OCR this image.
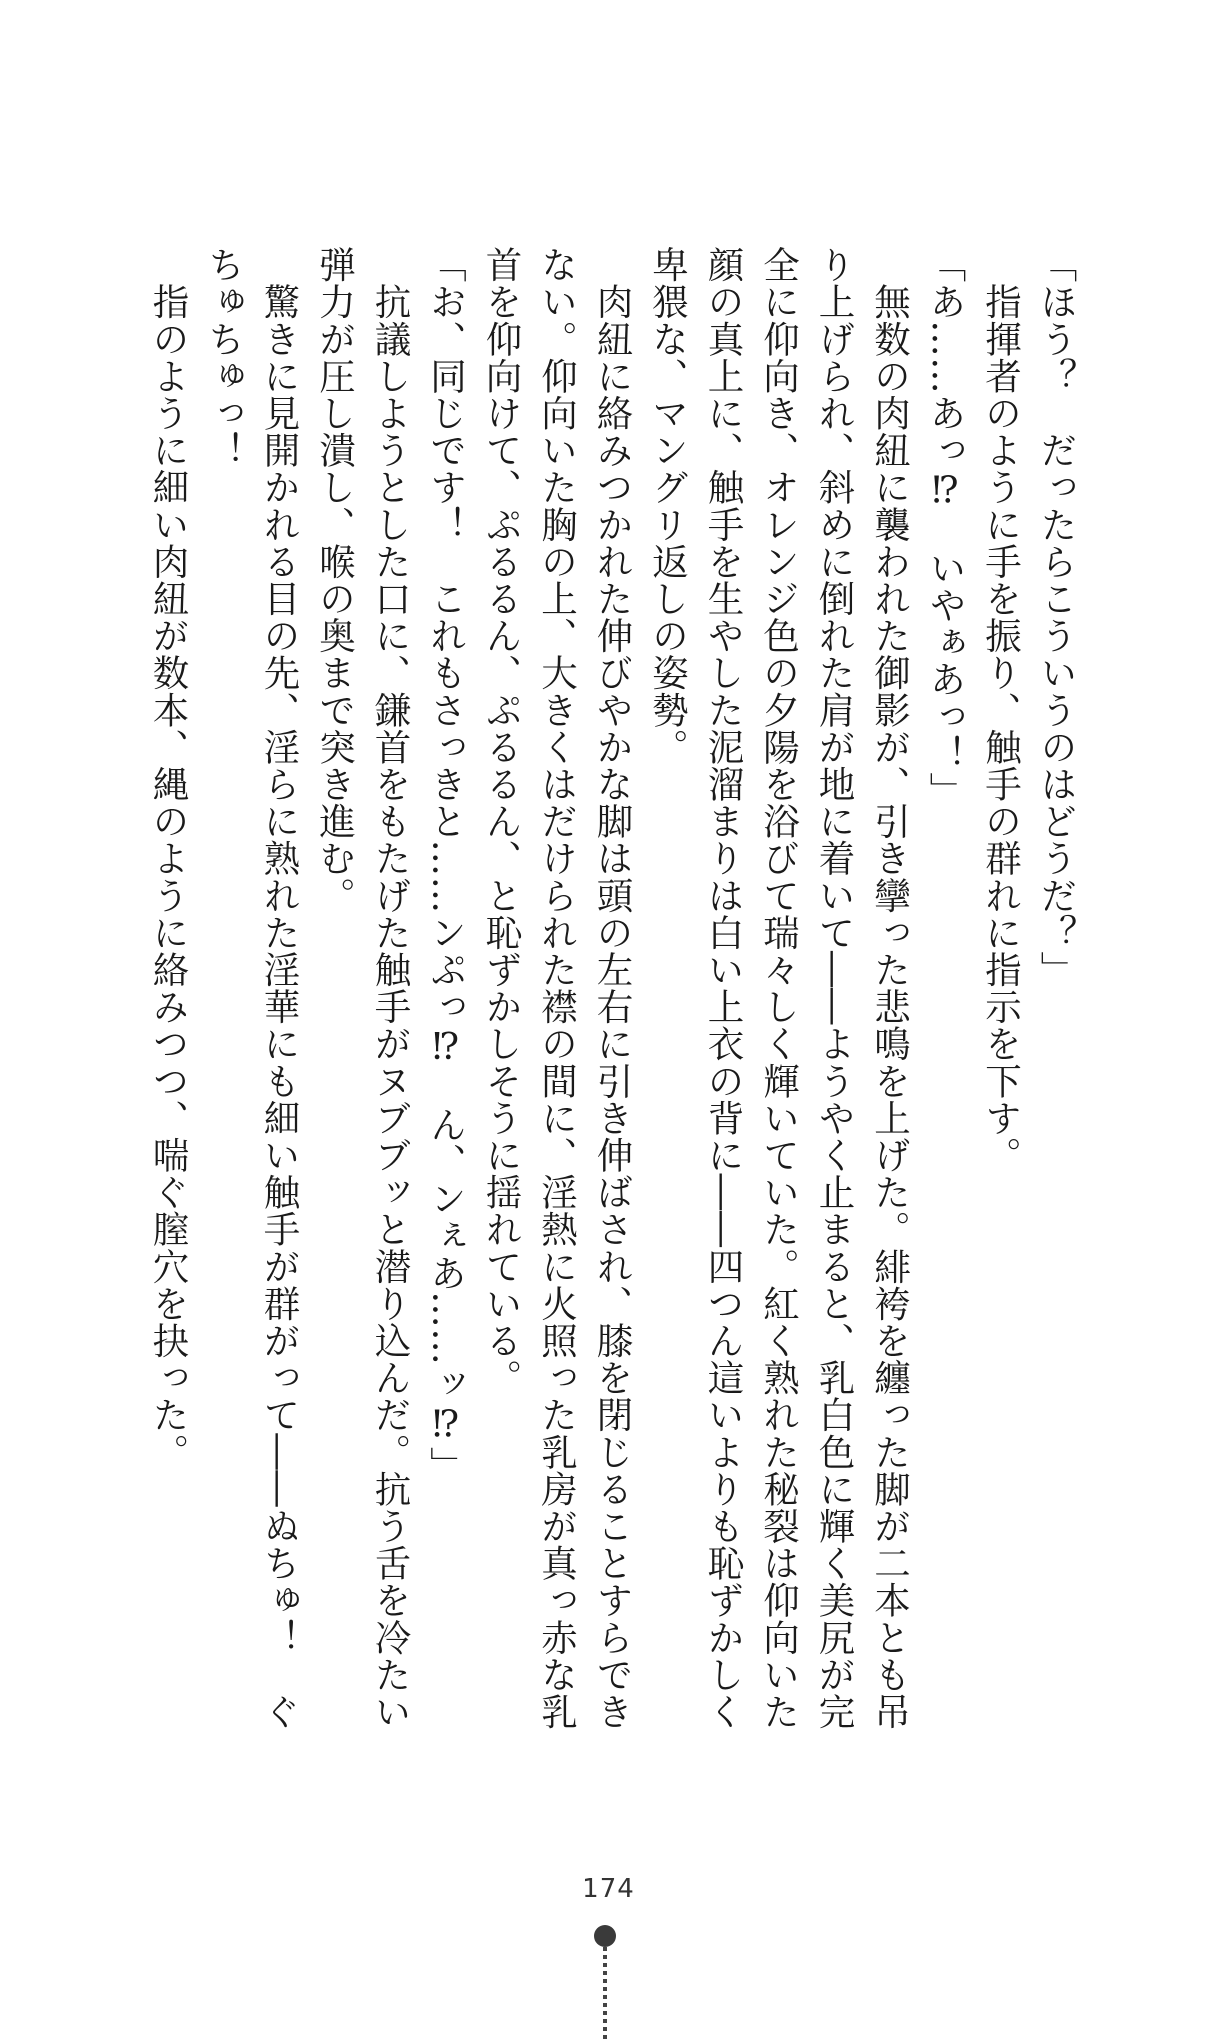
「ほう？　だったらこういうのはどうだ？」

　指揮者のように手を振り、触手の群れに指示を下す。

「あ……あっ⁉　いやぁあっ！」

　無数の肉紐に襲われた御影が、引き攣った悲鳴を上げた。緋袴を纏った脚が二本とも吊り上げられ、斜めに倒れた肩が地に着いて――ようやく止まると、乳白色に輝く美尻が完全に仰向き、オレンジ色の夕陽を浴びて瑞々しく輝いていた。紅く熟れた秘裂は仰向いた顔の真上に、触手を生やした泥溜まりは白い上衣の背に――四つん這いよりも恥ずかしく卑猥な、マングリ返しの姿勢。

　肉紐に絡みつかれた伸びやかな脚は頭の左右に引き伸ばされ、膝を閉じることすらできない。仰向いた胸の上、大きくはだけられた襟の間に、淫熱に火照った乳房が真っ赤な乳首を仰向けて、ぷるるん、ぷるるん、と恥ずかしそうに揺れている。

「お、同じです！　これもさっきと……ンぷっ⁉　ん、ンぇあ……ッ⁉」

　抗議しようとした口に、鎌首をもたげた触手がヌブブッと潜り込んだ。抗う舌を冷たい弾力が圧し潰し、喉の奥まで突き進む。

　驚きに見開かれる目の先、淫らに熟れた淫華にも細い触手が群がって――ぬちゅ！　ぐちゅちゅっ！

　指のように細い肉紐が数本、縄のように絡みつつ、喘ぐ膣穴を抉った。

174
